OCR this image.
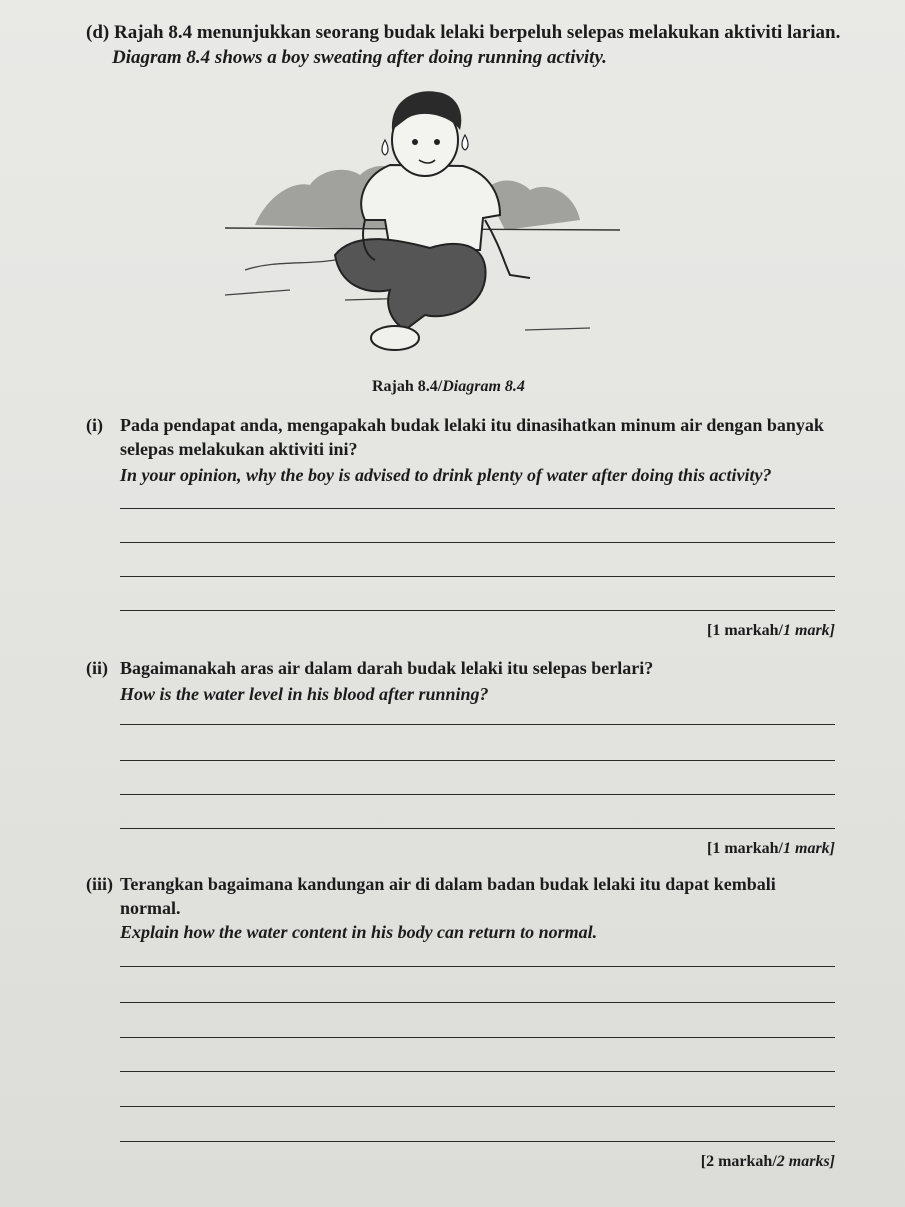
(d) Rajah 8.4 menunjukkan seorang budak lelaki berpeluh selepas melakukan aktiviti larian.
Diagram 8.4 shows a boy sweating after doing running activity.
Rajah 8.4/Diagram 8.4
(i) Pada pendapat anda, mengapakah budak lelaki itu dinasihatkan minum air dengan banyak
selepas melakukan aktiviti ini?
In your opinion, why the boy is advised to drink plenty of water after doing this activity?
[1 markah/1 mark]
(ii) Bagaimanakah aras air dalam darah budak lelaki itu selepas berlari?
How is the water level in his blood after running?
[1 markah/1 mark]
(iii) Terangkan bagaimana kandungan air di dalam badan budak lelaki itu dapat kembali
normal.
Explain how the water content in his body can return to normal.
[2 markah/2 marks]
